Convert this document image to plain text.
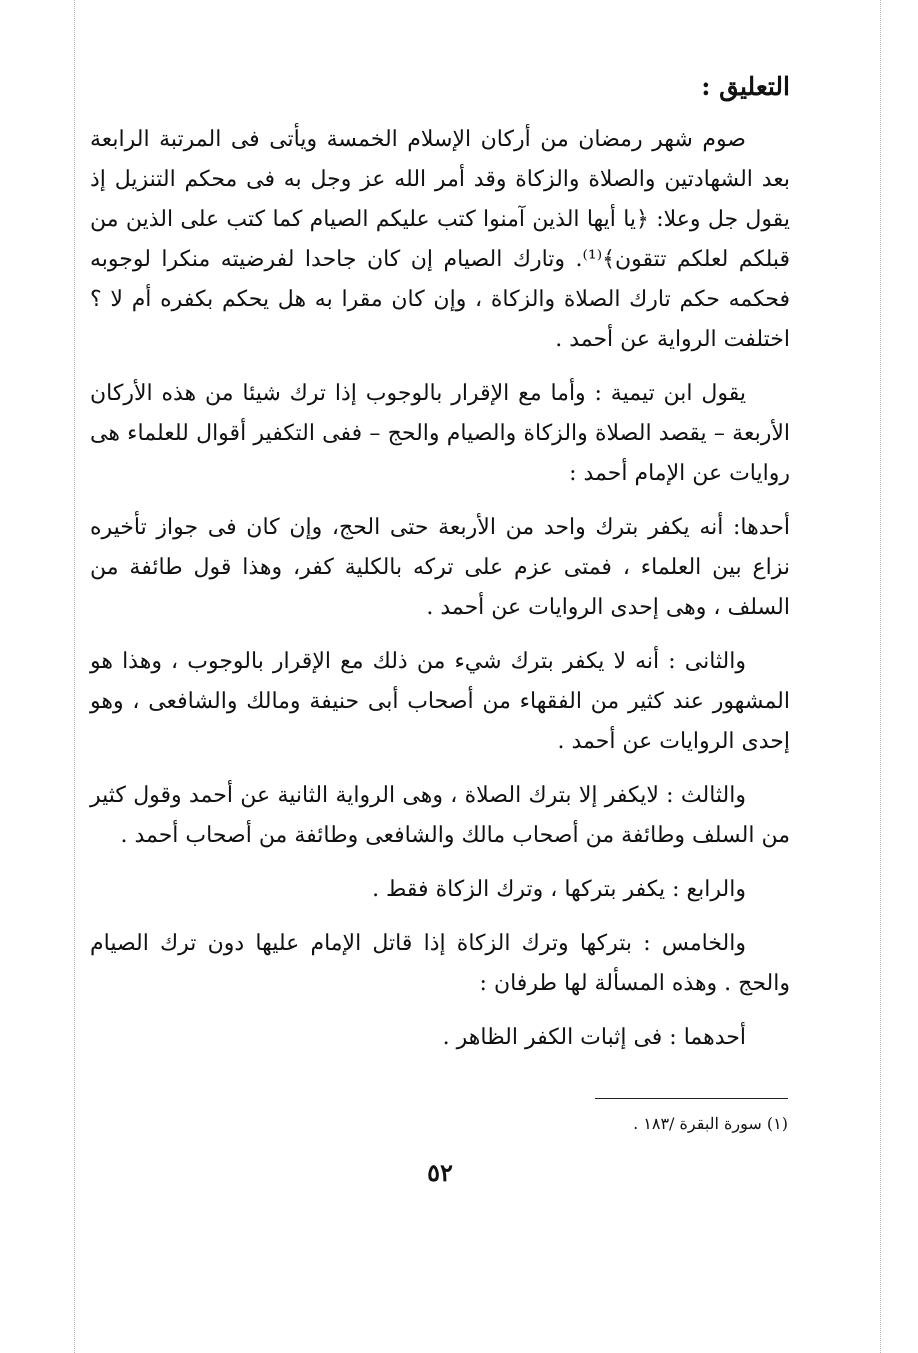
التعليق :

صوم شهر رمضان من أركان الإسلام الخمسة ويأتى فى المرتبة الرابعة بعد الشهادتين والصلاة والزكاة وقد أمر الله عز وجل به فى محكم التنزيل إذ يقول جل وعلا: ﴿يا أيها الذين آمنوا كتب عليكم الصيام كما كتب على الذين من قبلكم لعلكم تتقون﴾⁽¹⁾. وتارك الصيام إن كان جاحدا لفرضيته منكرا لوجوبه فحكمه حكم تارك الصلاة والزكاة ، وإن كان مقرا به هل يحكم بكفره أم لا ؟ اختلفت الرواية عن أحمد .

يقول ابن تيمية : وأما مع الإقرار بالوجوب إذا ترك شيئا من هذه الأركان الأربعة – يقصد الصلاة والزكاة والصيام والحج – ففى التكفير أقوال للعلماء هى روايات عن الإمام أحمد :

أحدها: أنه يكفر بترك واحد من الأربعة حتى الحج، وإن كان فى جواز تأخيره نزاع بين العلماء ، فمتى عزم على تركه بالكلية كفر، وهذا قول طائفة من السلف ، وهى إحدى الروايات عن أحمد .

والثانى : أنه لا يكفر بترك شيء من ذلك مع الإقرار بالوجوب ، وهذا هو المشهور عند كثير من الفقهاء من أصحاب أبى حنيفة ومالك والشافعى ، وهو إحدى الروايات عن أحمد .

والثالث : لايكفر إلا بترك الصلاة ، وهى الرواية الثانية عن أحمد وقول كثير من السلف وطائفة من أصحاب مالك والشافعى وطائفة من أصحاب أحمد .

والرابع : يكفر بتركها ، وترك الزكاة فقط .

والخامس : بتركها وترك الزكاة إذا قاتل الإمام عليها دون ترك الصيام والحج . وهذه المسألة لها طرفان :

أحدهما : فى إثبات الكفر الظاهر .

(١) سورة البقرة /١٨٣ .
٥٢
